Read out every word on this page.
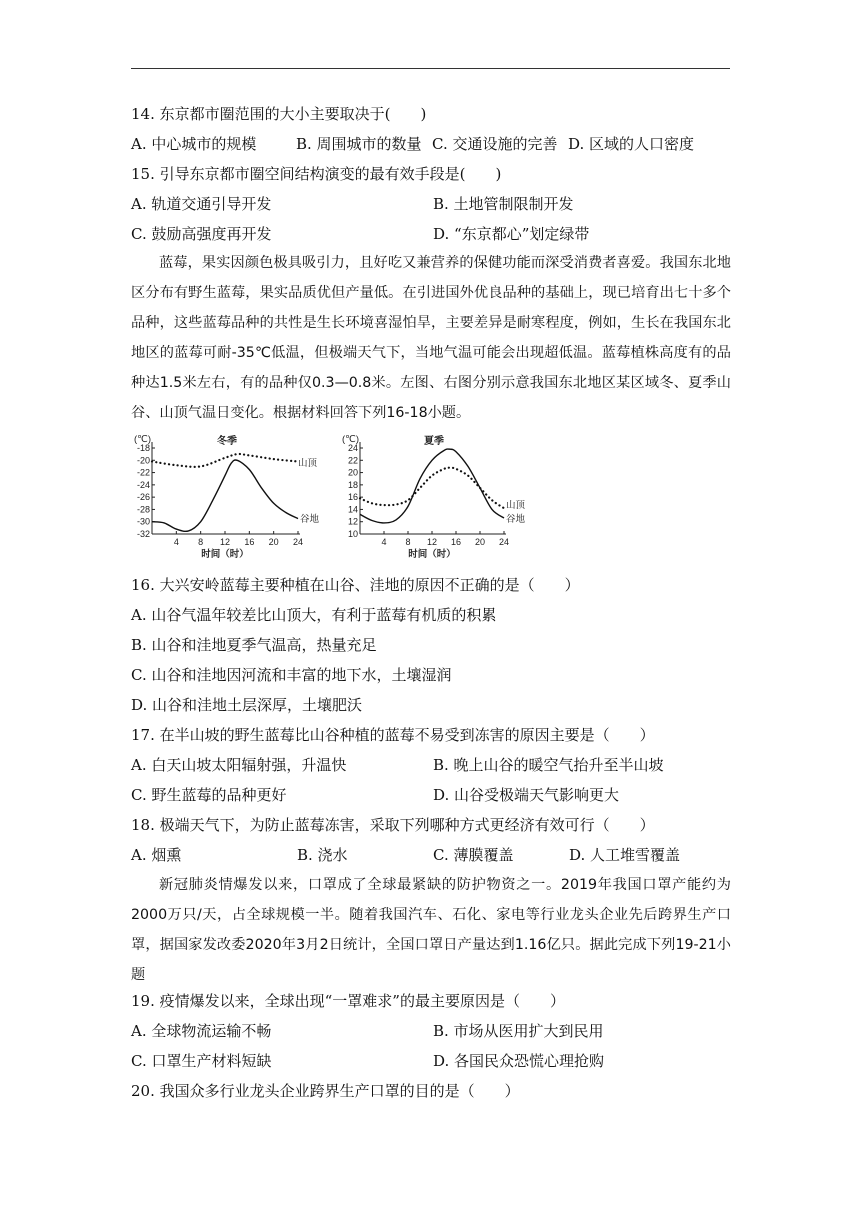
14. 东京都市圈范围的大小主要取决于(　　)
A. 中心城市的规模	B. 周围城市的数量 C. 交通设施的完善 D. 区域的人口密度
15. 引导东京都市圈空间结构演变的最有效手段是(　　)
A. 轨道交通引导开发	B. 土地管制限制开发
C. 鼓励高强度再开发	D. “东京都心”划定绿带
蓝莓，果实因颜色极具吸引力，且好吃又兼营养的保健功能而深受消费者喜爱。我国东北地区分布有野生蓝莓，果实品质优但产量低。在引进国外优良品种的基础上，现已培育出七十多个品种，这些蓝莓品种的共性是生长环境喜湿怕旱，主要差异是耐寒程度，例如，生长在我国东北地区的蓝莓可耐-35℃低温，但极端天气下，当地气温可能会出现超低温。蓝莓植株高度有的品种达1.5米左右，有的品种仅0.3—0.8米。左图、右图分别示意我国东北地区某区域冬、夏季山谷、山顶气温日变化。根据材料回答下列16-18小题。
(℃)	冬季
-18
-20
-22
-24
-26
-28
-30
-32
4 8 12 16 20 24
时间（时）
山顶
谷地
(℃)	夏季
10
12
14
16
18
20
22
24
4 8 12 16 20 24
时间（时）
山顶
谷地
16. 大兴安岭蓝莓主要种植在山谷、洼地的原因不正确的是（　　）
A. 山谷气温年较差比山顶大，有利于蓝莓有机质的积累
B. 山谷和洼地夏季气温高，热量充足
C. 山谷和洼地因河流和丰富的地下水，土壤湿润
D. 山谷和洼地土层深厚，土壤肥沃
17. 在半山坡的野生蓝莓比山谷种植的蓝莓不易受到冻害的原因主要是（　　）
A. 白天山坡太阳辐射强，升温快	B. 晚上山谷的暖空气抬升至半山坡
C. 野生蓝莓的品种更好	D. 山谷受极端天气影响更大
18. 极端天气下，为防止蓝莓冻害，采取下列哪种方式更经济有效可行（　　）
A. 烟熏	B. 浇水	C. 薄膜覆盖	D. 人工堆雪覆盖
新冠肺炎情爆发以来，口罩成了全球最紧缺的防护物资之一。2019年我国口罩产能约为2000万只/天，占全球规模一半。随着我国汽车、石化、家电等行业龙头企业先后跨界生产口罩，据国家发改委2020年3月2日统计，全国口罩日产量达到1.16亿只。据此完成下列19-21小题
19. 疫情爆发以来，全球出现“一罩难求”的最主要原因是（　　）
A. 全球物流运输不畅	B. 市场从医用扩大到民用
C. 口罩生产材料短缺	D. 各国民众恐慌心理抢购
20. 我国众多行业龙头企业跨界生产口罩的目的是（　　）
